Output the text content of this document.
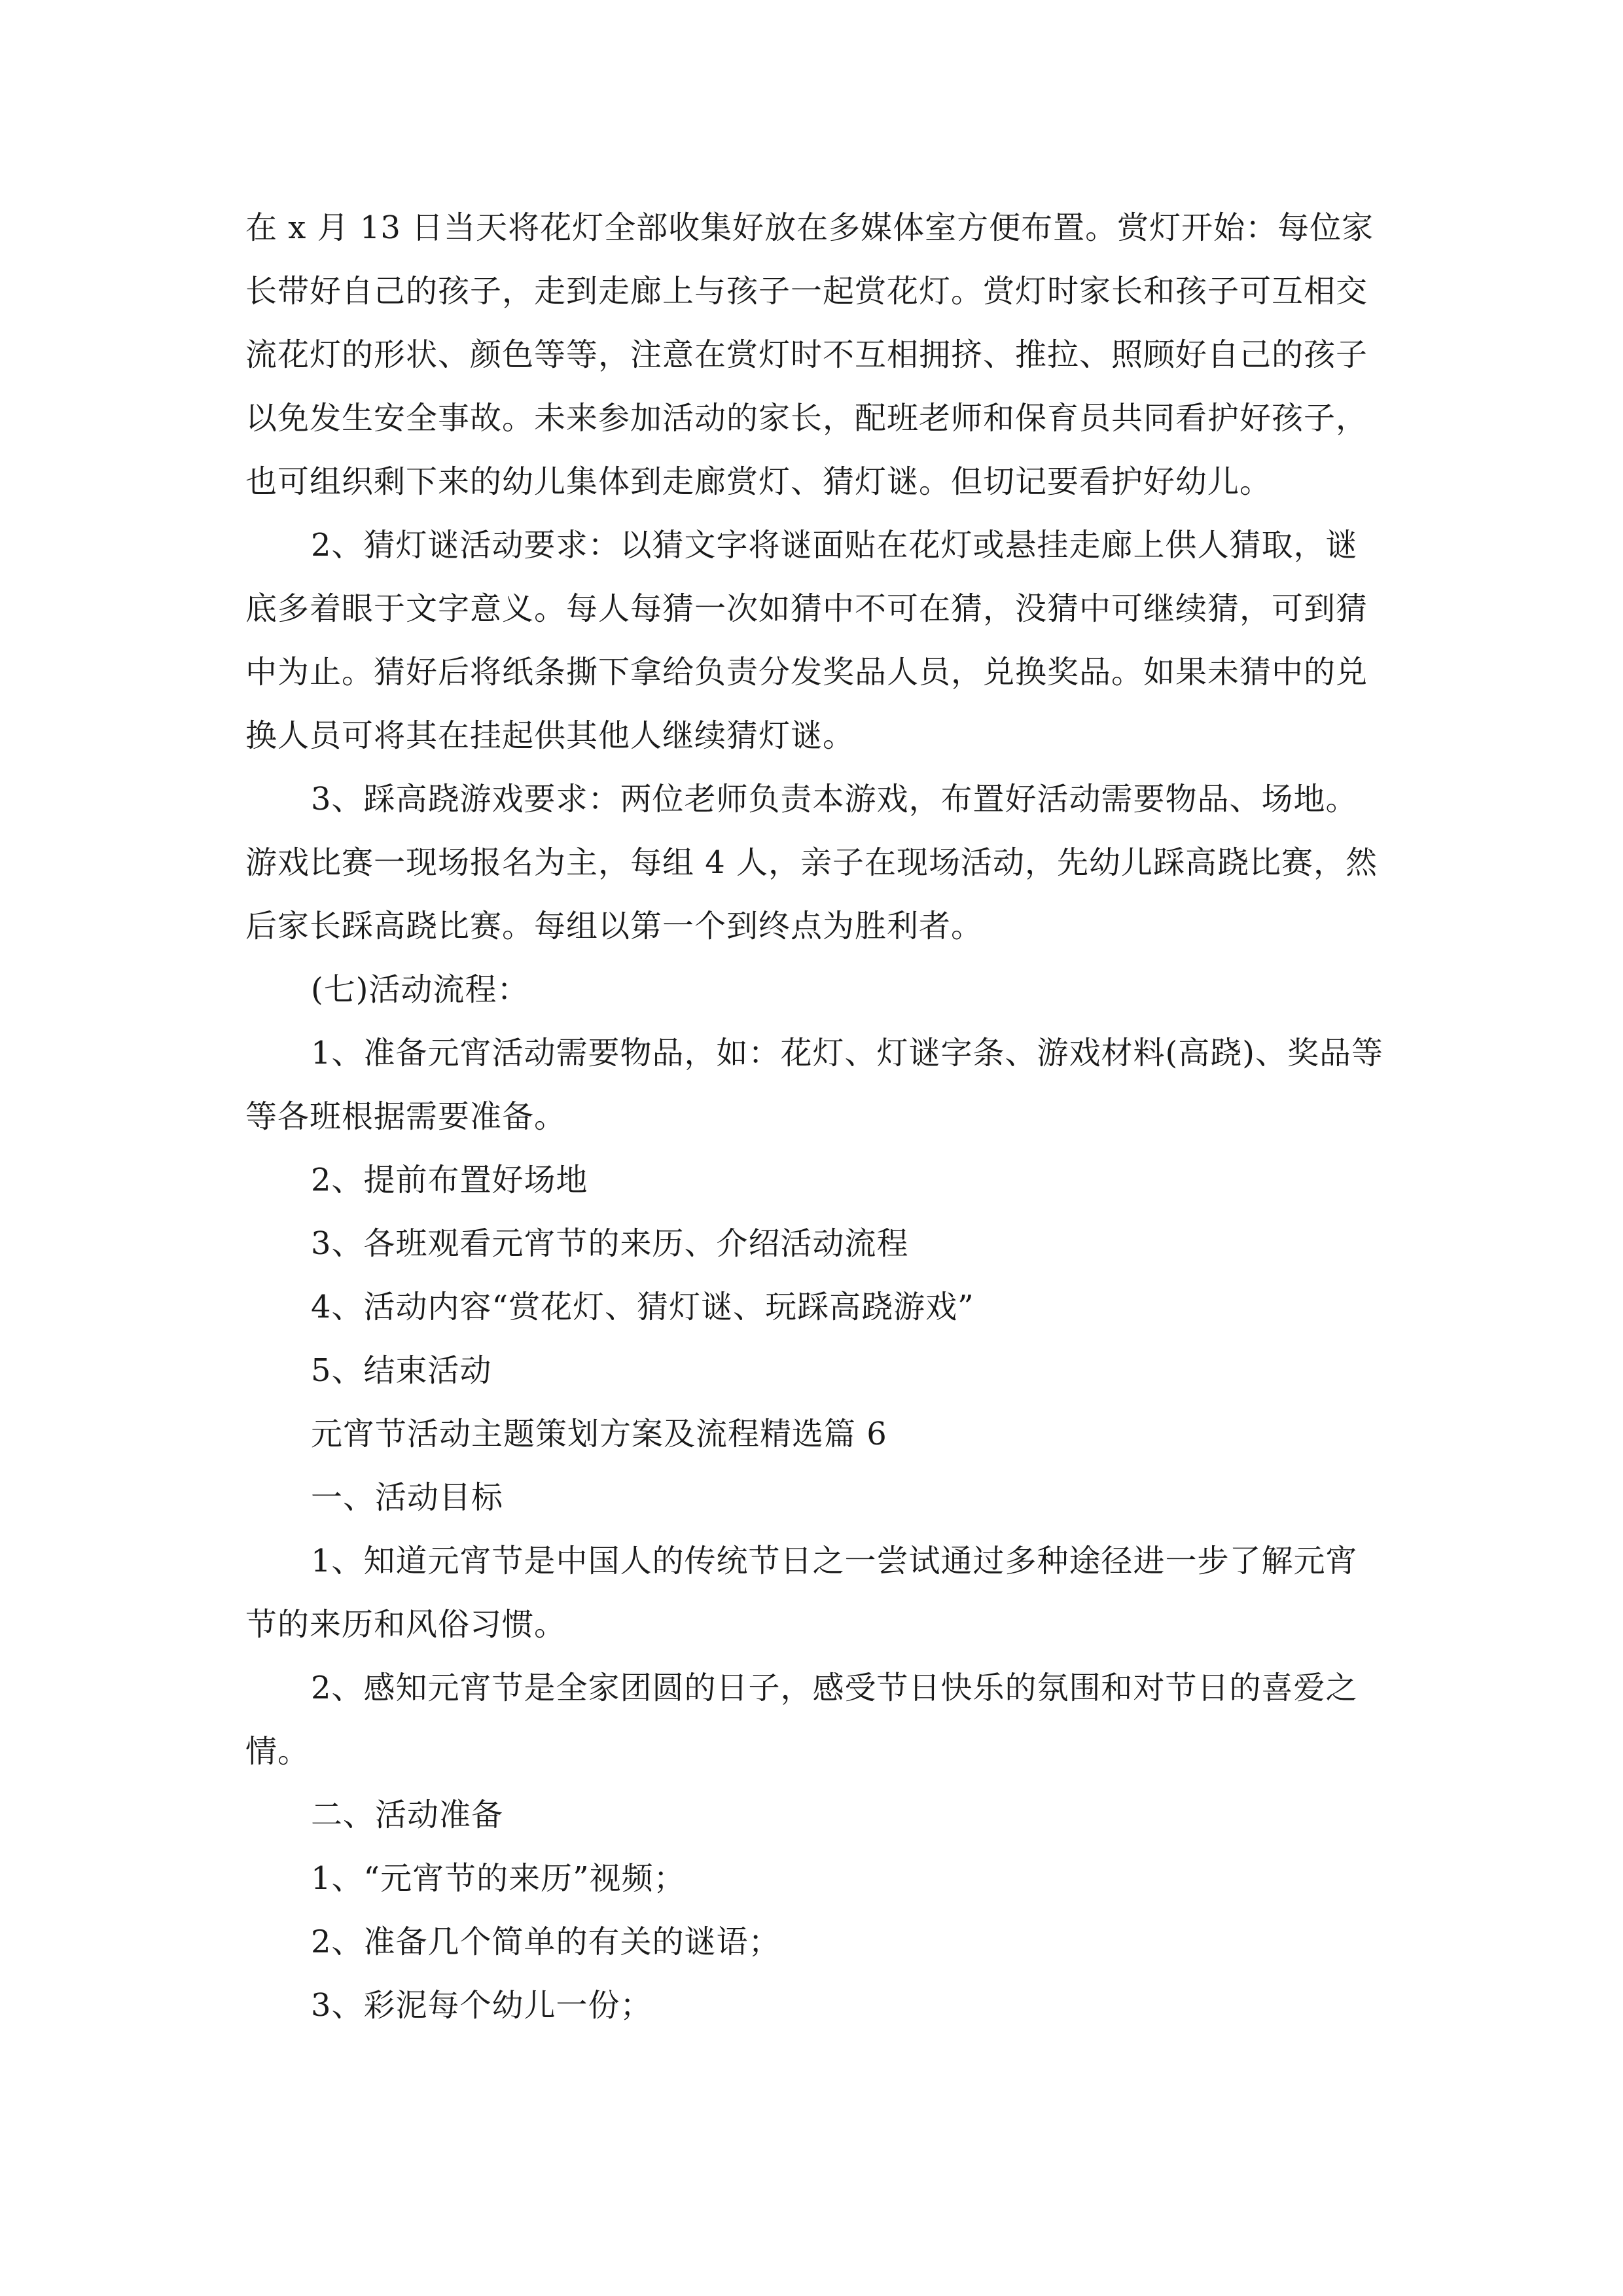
在 x 月 13 日当天将花灯全部收集好放在多媒体室方便布置。赏灯开始：每位家长带好自己的孩子，走到走廊上与孩子一起赏花灯。赏灯时家长和孩子可互相交流花灯的形状、颜色等等，注意在赏灯时不互相拥挤、推拉、照顾好自己的孩子以免发生安全事故。未来参加活动的家长，配班老师和保育员共同看护好孩子，也可组织剩下来的幼儿集体到走廊赏灯、猜灯谜。但切记要看护好幼儿。

2、猜灯谜活动要求：以猜文字将谜面贴在花灯或悬挂走廊上供人猜取，谜底多着眼于文字意义。每人每猜一次如猜中不可在猜，没猜中可继续猜，可到猜中为止。猜好后将纸条撕下拿给负责分发奖品人员，兑换奖品。如果未猜中的兑换人员可将其在挂起供其他人继续猜灯谜。

3、踩高跷游戏要求：两位老师负责本游戏，布置好活动需要物品、场地。游戏比赛一现场报名为主，每组 4 人，亲子在现场活动，先幼儿踩高跷比赛，然后家长踩高跷比赛。每组以第一个到终点为胜利者。

(七)活动流程：

1、准备元宵活动需要物品，如：花灯、灯谜字条、游戏材料(高跷)、奖品等等各班根据需要准备。

2、提前布置好场地

3、各班观看元宵节的来历、介绍活动流程

4、活动内容“赏花灯、猜灯谜、玩踩高跷游戏”

5、结束活动

元宵节活动主题策划方案及流程精选篇 6

一、活动目标

1、知道元宵节是中国人的传统节日之一尝试通过多种途径进一步了解元宵节的来历和风俗习惯。

2、感知元宵节是全家团圆的日子，感受节日快乐的氛围和对节日的喜爱之情。

二、活动准备

1、“元宵节的来历”视频；

2、准备几个简单的有关的谜语；

3、彩泥每个幼儿一份；
